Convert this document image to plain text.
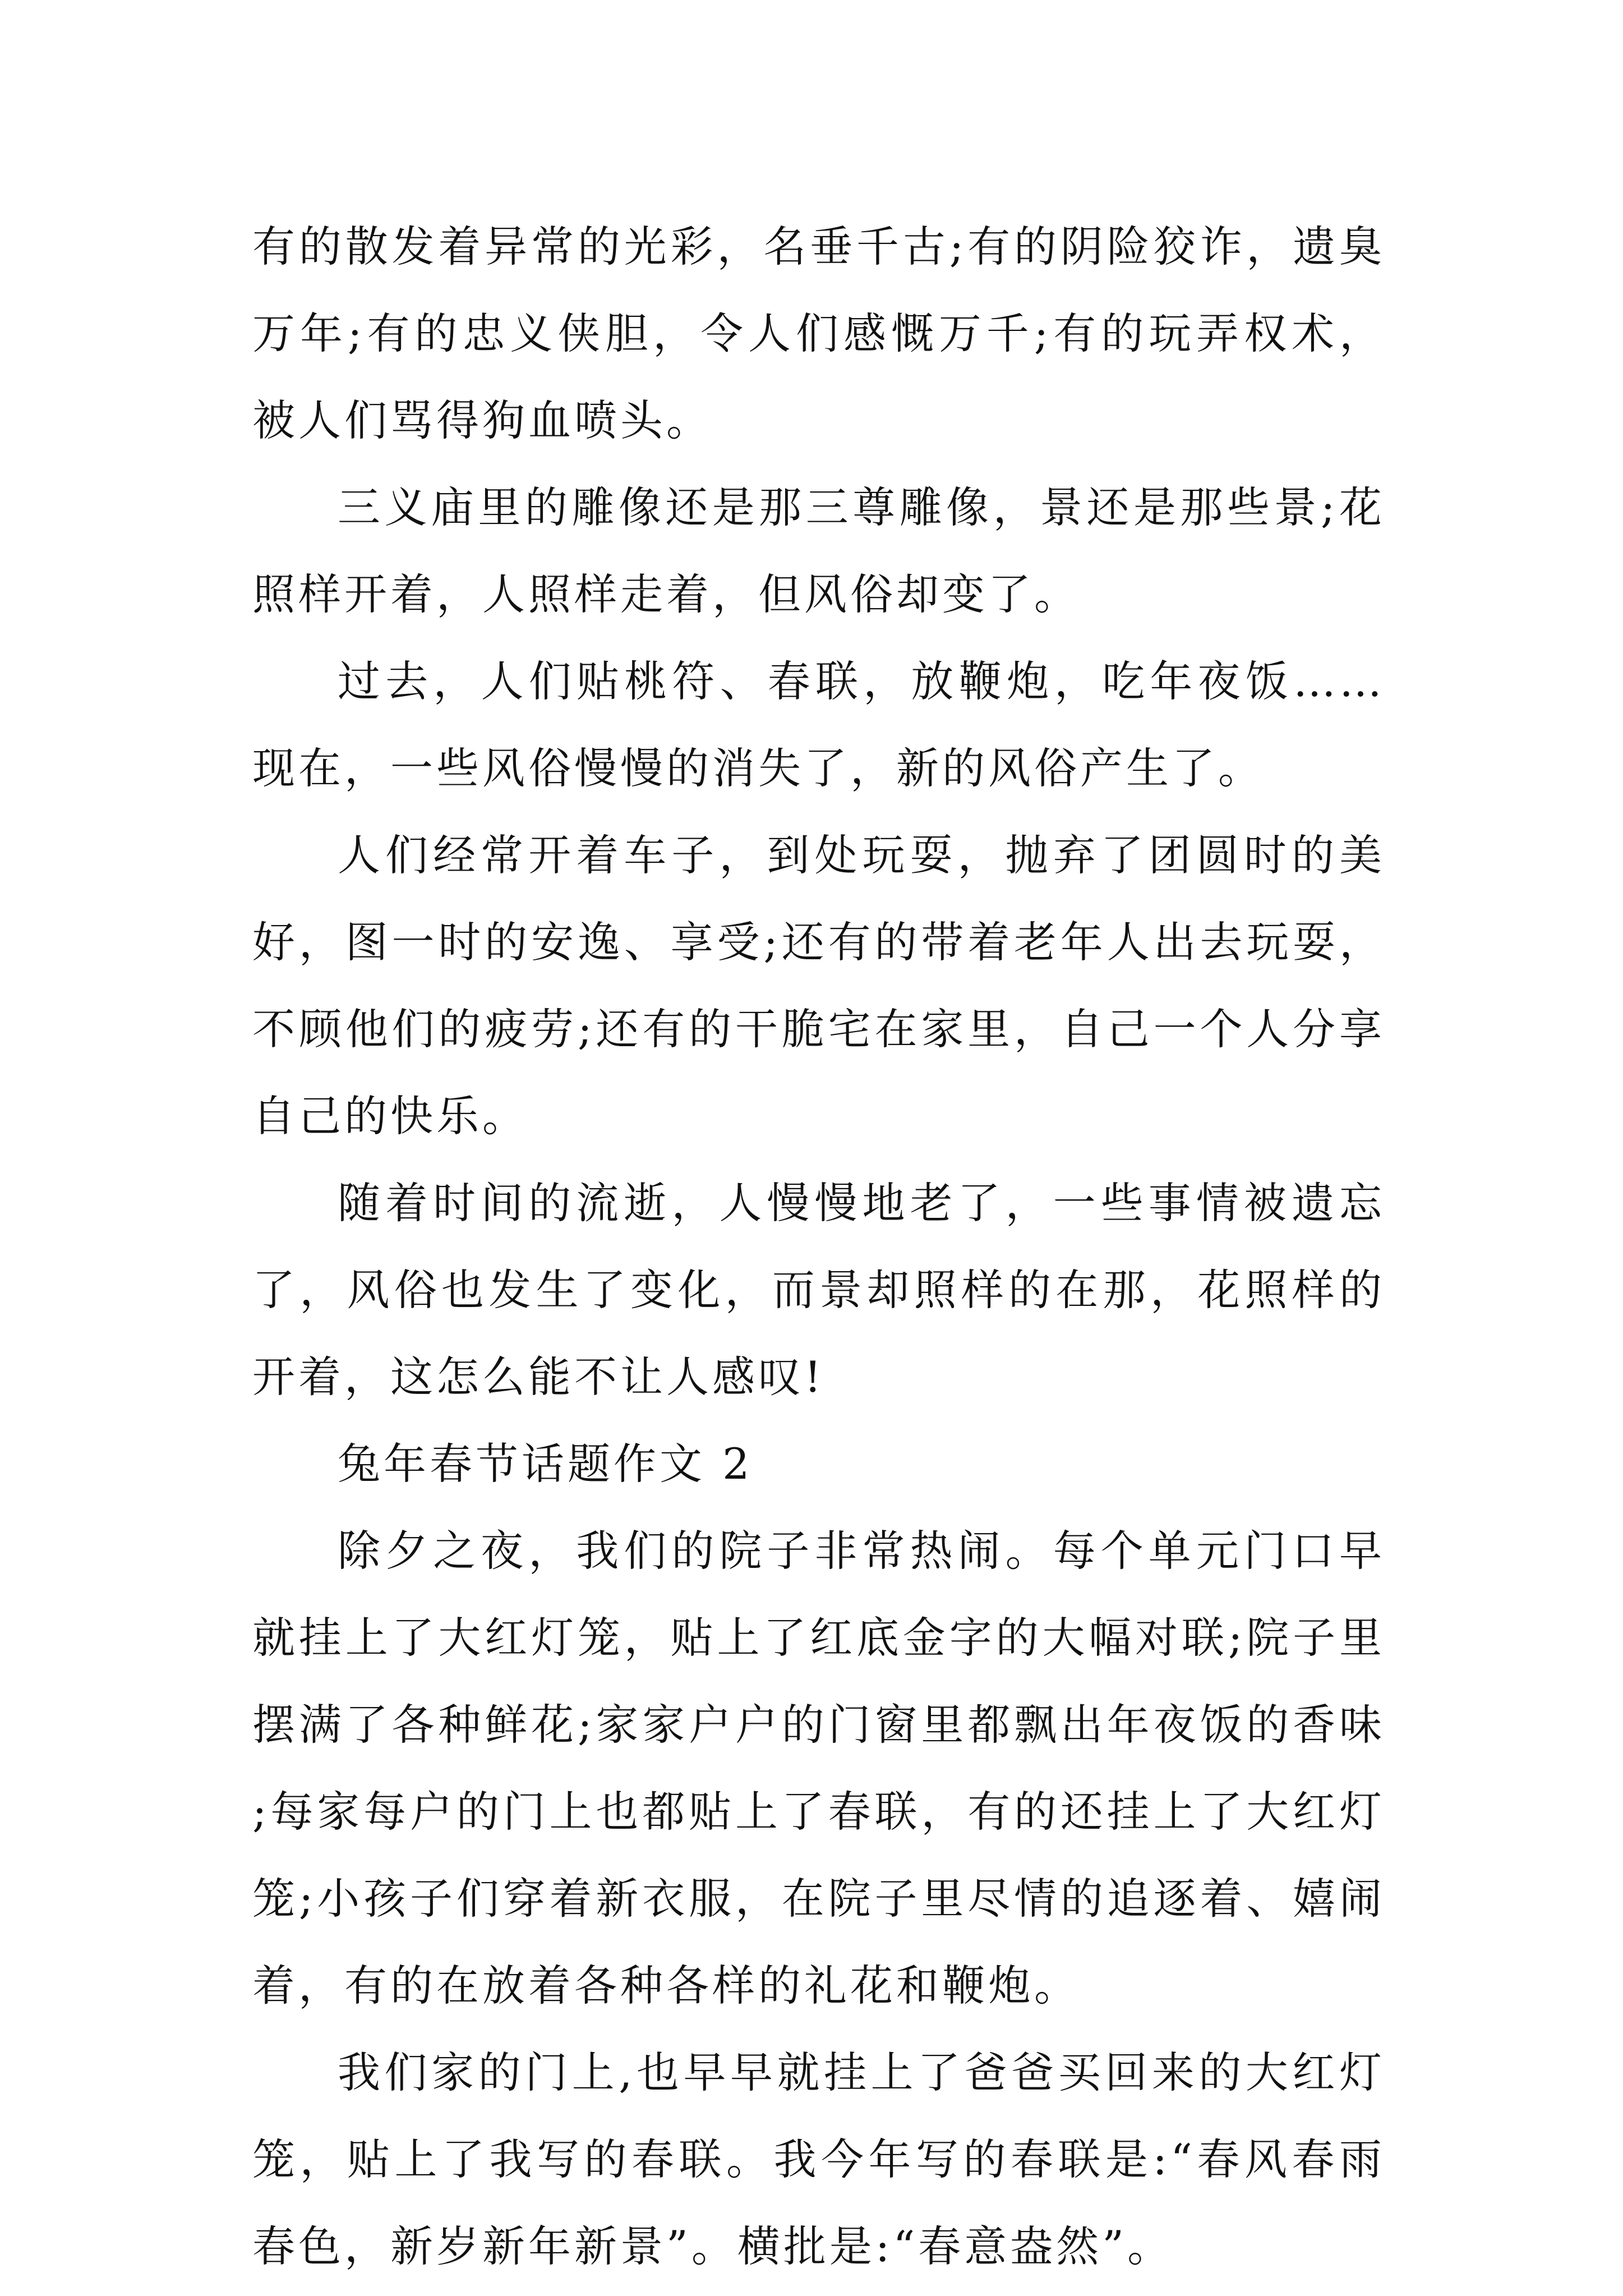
有的散发着异常的光彩，名垂千古;有的阴险狡诈，遗臭万年;有的忠义侠胆，令人们感慨万千;有的玩弄权术，被人们骂得狗血喷头。

三义庙里的雕像还是那三尊雕像，景还是那些景;花照样开着，人照样走着，但风俗却变了。

过去，人们贴桃符、春联，放鞭炮，吃年夜饭……现在，一些风俗慢慢的消失了，新的风俗产生了。

人们经常开着车子，到处玩耍，抛弃了团圆时的美好，图一时的安逸、享受;还有的带着老年人出去玩耍，不顾他们的疲劳;还有的干脆宅在家里，自己一个人分享自己的快乐。

随着时间的流逝，人慢慢地老了，一些事情被遗忘了，风俗也发生了变化，而景却照样的在那，花照样的开着，这怎么能不让人感叹!

兔年春节话题作文 2

除夕之夜，我们的院子非常热闹。每个单元门口早就挂上了大红灯笼，贴上了红底金字的大幅对联;院子里摆满了各种鲜花;家家户户的门窗里都飘出年夜饭的香味;每家每户的门上也都贴上了春联，有的还挂上了大红灯笼;小孩子们穿着新衣服，在院子里尽情的追逐着、嬉闹着，有的在放着各种各样的礼花和鞭炮。

我们家的门上,也早早就挂上了爸爸买回来的大红灯笼，贴上了我写的春联。我今年写的春联是:“春风春雨春色，新岁新年新景”。横批是:“春意盎然”。
